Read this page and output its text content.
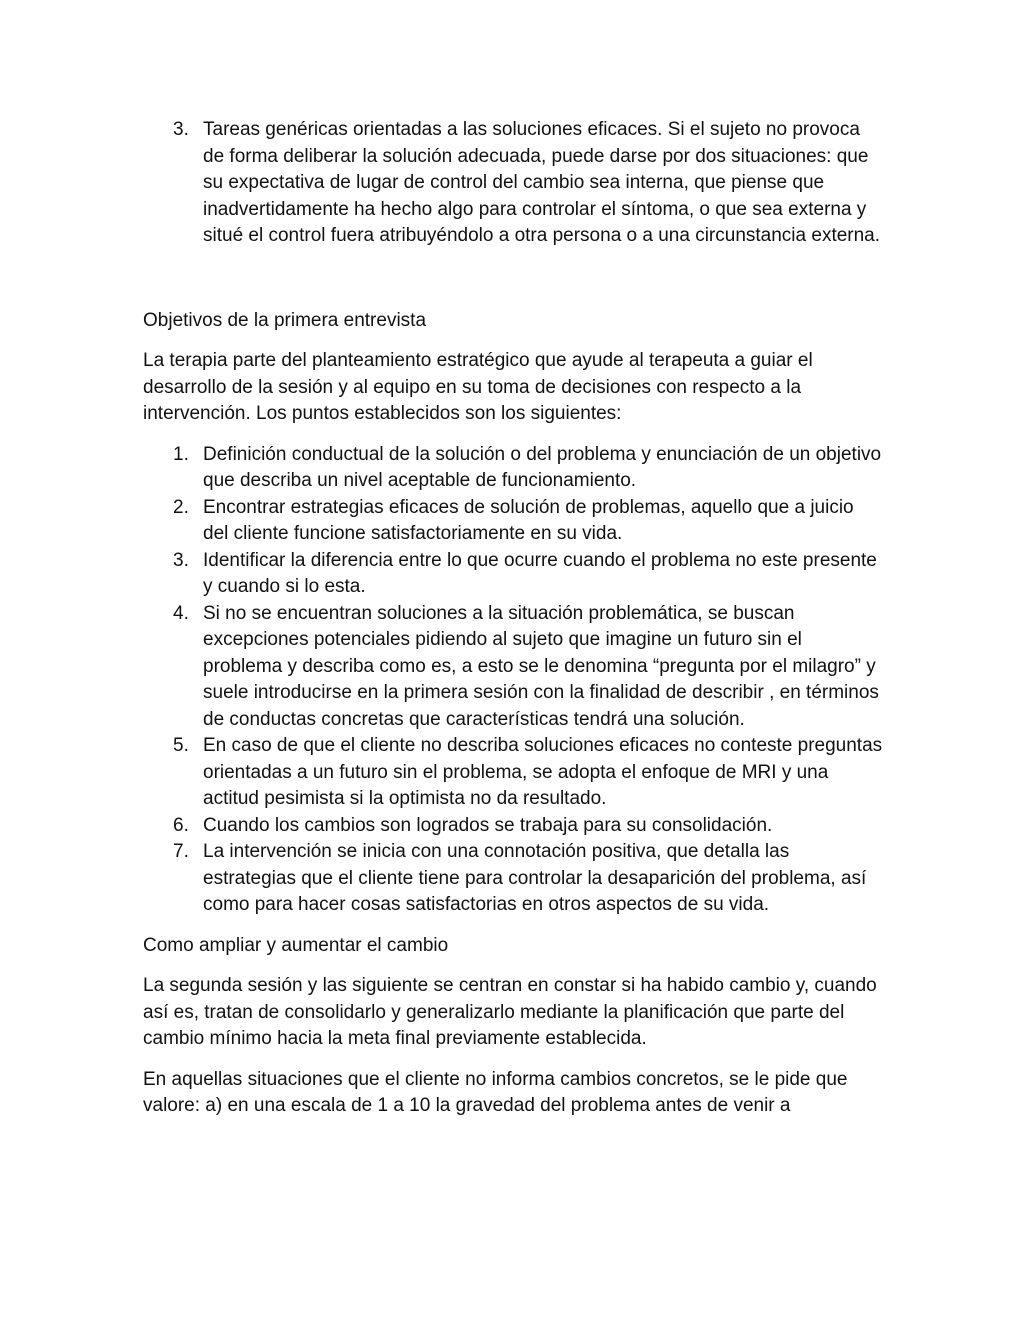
3. Tareas genéricas orientadas a las soluciones eficaces. Si el sujeto no provoca de forma deliberar la solución adecuada, puede darse por dos situaciones: que su expectativa de lugar de control del cambio sea interna, que piense que inadvertidamente ha hecho algo para controlar el síntoma, o que sea externa y situé el control fuera atribuyéndolo a otra persona o a una circunstancia externa.

Objetivos de la primera entrevista

La terapia parte del planteamiento estratégico que ayude al terapeuta a guiar el desarrollo de la sesión y al equipo en su toma de decisiones con respecto a la intervención. Los puntos establecidos son los siguientes:

1. Definición conductual de la solución o del problema y enunciación de un objetivo que describa un nivel aceptable de funcionamiento.
2. Encontrar estrategias eficaces de solución de problemas, aquello que a juicio del cliente funcione satisfactoriamente en su vida.
3. Identificar la diferencia entre lo que ocurre cuando el problema no este presente y cuando si lo esta.
4. Si no se encuentran soluciones a la situación problemática, se buscan excepciones potenciales pidiendo al sujeto que imagine un futuro sin el problema y describa como es, a esto se le denomina “pregunta por el milagro” y suele introducirse en la primera sesión con la finalidad de describir , en términos de conductas concretas que características tendrá una solución.
5. En caso de que el cliente no describa soluciones eficaces no conteste preguntas orientadas a un futuro sin el problema, se adopta el enfoque de MRI y una actitud pesimista si la optimista no da resultado.
6. Cuando los cambios son logrados se trabaja para su consolidación.
7. La intervención se inicia con una connotación positiva, que detalla las estrategias que el cliente tiene para controlar la desaparición del problema, así como para hacer cosas satisfactorias en otros aspectos de su vida.

Como ampliar y aumentar el cambio

La segunda sesión y las siguiente se centran en constar si ha habido cambio y, cuando así es, tratan de consolidarlo y generalizarlo mediante la planificación que parte del cambio mínimo hacia la meta final previamente establecida.

En aquellas situaciones que el cliente no informa cambios concretos, se le pide que valore: a) en una escala de 1 a 10 la gravedad del problema antes de venir a
